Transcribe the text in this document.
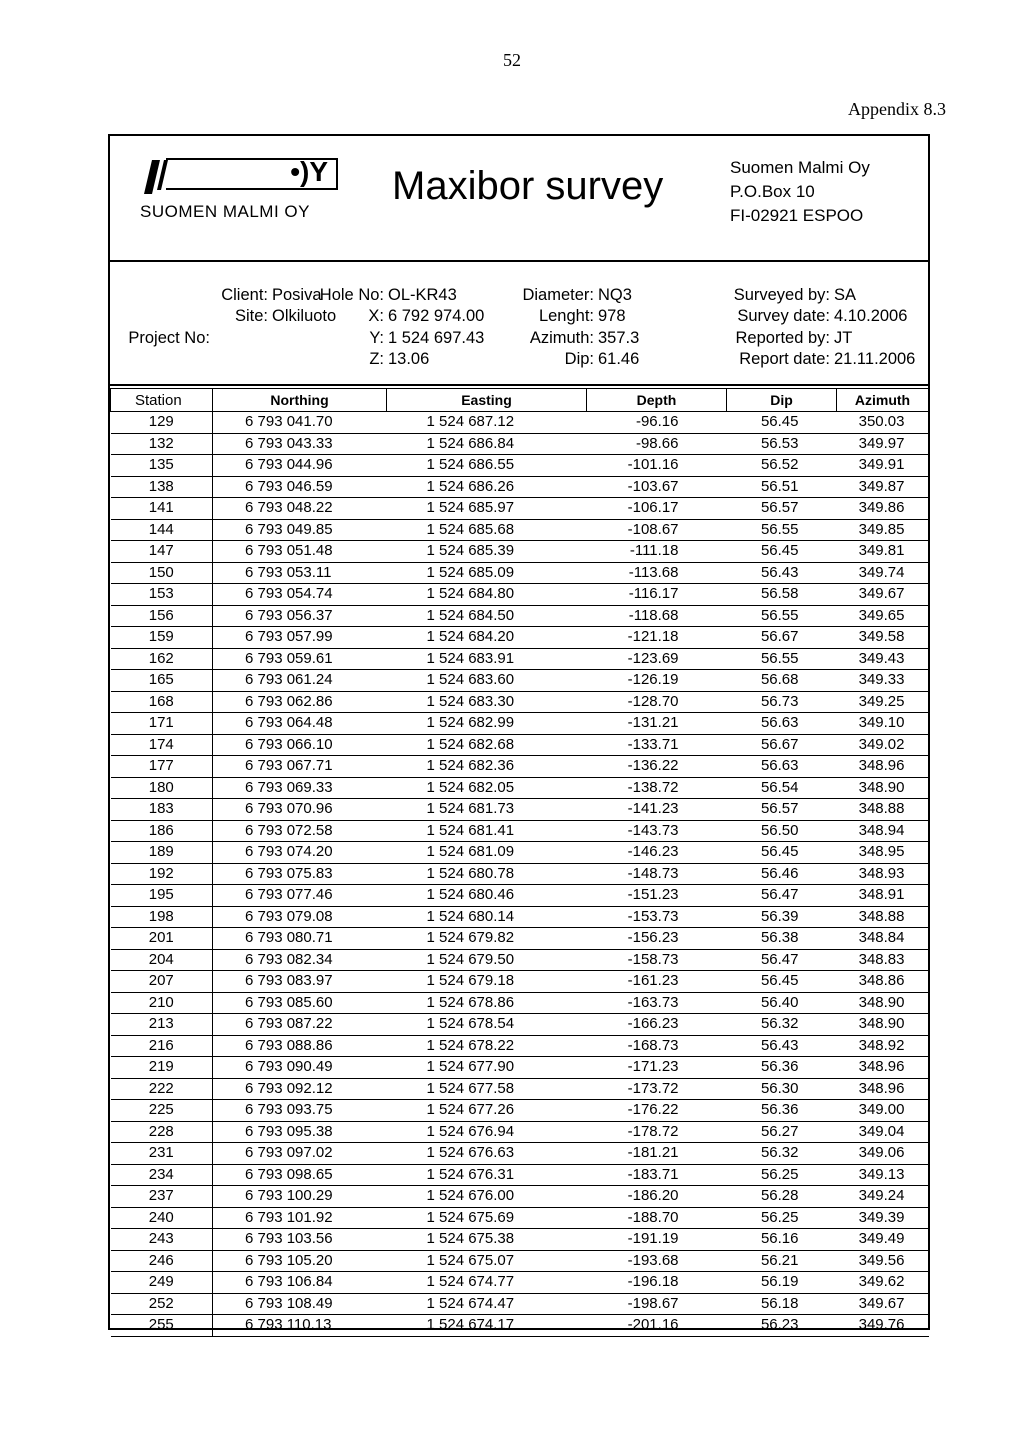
52
Appendix 8.3
•)Y
SUOMEN MALMI OY
Maxibor survey	Suomen Malmi Oy
P.O.Box 10
FI-02921 ESPOO
Client: Posiva
Site: Olkiluoto
Project No:
Hole No: OL-KR43
X: 6 792 974.00
Y: 1 524 697.43
Z: 13.06
Diameter: NQ3
Lenght: 978
Azimuth: 357.3
Dip: 61.46
Surveyed by: SA
Survey date: 4.10.2006
Reported by: JT
Report date: 21.11.2006
Station	Northing	Easting	Depth	Dip	Azimuth
129	6 793 041.70	1 524 687.12	-96.16	56.45	350.03
132	6 793 043.33	1 524 686.84	-98.66	56.53	349.97
135	6 793 044.96	1 524 686.55	-101.16	56.52	349.91
138	6 793 046.59	1 524 686.26	-103.67	56.51	349.87
141	6 793 048.22	1 524 685.97	-106.17	56.57	349.86
144	6 793 049.85	1 524 685.68	-108.67	56.55	349.85
147	6 793 051.48	1 524 685.39	-111.18	56.45	349.81
150	6 793 053.11	1 524 685.09	-113.68	56.43	349.74
153	6 793 054.74	1 524 684.80	-116.17	56.58	349.67
156	6 793 056.37	1 524 684.50	-118.68	56.55	349.65
159	6 793 057.99	1 524 684.20	-121.18	56.67	349.58
162	6 793 059.61	1 524 683.91	-123.69	56.55	349.43
165	6 793 061.24	1 524 683.60	-126.19	56.68	349.33
168	6 793 062.86	1 524 683.30	-128.70	56.73	349.25
171	6 793 064.48	1 524 682.99	-131.21	56.63	349.10
174	6 793 066.10	1 524 682.68	-133.71	56.67	349.02
177	6 793 067.71	1 524 682.36	-136.22	56.63	348.96
180	6 793 069.33	1 524 682.05	-138.72	56.54	348.90
183	6 793 070.96	1 524 681.73	-141.23	56.57	348.88
186	6 793 072.58	1 524 681.41	-143.73	56.50	348.94
189	6 793 074.20	1 524 681.09	-146.23	56.45	348.95
192	6 793 075.83	1 524 680.78	-148.73	56.46	348.93
195	6 793 077.46	1 524 680.46	-151.23	56.47	348.91
198	6 793 079.08	1 524 680.14	-153.73	56.39	348.88
201	6 793 080.71	1 524 679.82	-156.23	56.38	348.84
204	6 793 082.34	1 524 679.50	-158.73	56.47	348.83
207	6 793 083.97	1 524 679.18	-161.23	56.45	348.86
210	6 793 085.60	1 524 678.86	-163.73	56.40	348.90
213	6 793 087.22	1 524 678.54	-166.23	56.32	348.90
216	6 793 088.86	1 524 678.22	-168.73	56.43	348.92
219	6 793 090.49	1 524 677.90	-171.23	56.36	348.96
222	6 793 092.12	1 524 677.58	-173.72	56.30	348.96
225	6 793 093.75	1 524 677.26	-176.22	56.36	349.00
228	6 793 095.38	1 524 676.94	-178.72	56.27	349.04
231	6 793 097.02	1 524 676.63	-181.21	56.32	349.06
234	6 793 098.65	1 524 676.31	-183.71	56.25	349.13
237	6 793 100.29	1 524 676.00	-186.20	56.28	349.24
240	6 793 101.92	1 524 675.69	-188.70	56.25	349.39
243	6 793 103.56	1 524 675.38	-191.19	56.16	349.49
246	6 793 105.20	1 524 675.07	-193.68	56.21	349.56
249	6 793 106.84	1 524 674.77	-196.18	56.19	349.62
252	6 793 108.49	1 524 674.47	-198.67	56.18	349.67
255	6 793 110.13	1 524 674.17	-201.16	56.23	349.76
